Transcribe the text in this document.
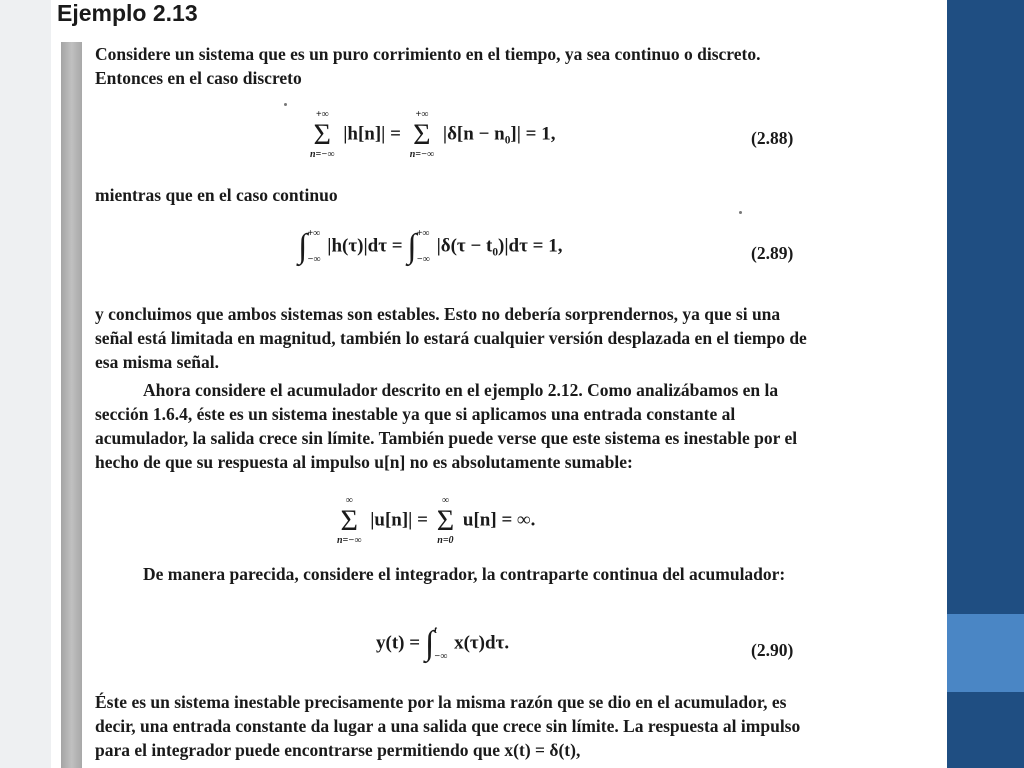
Ejemplo 2.13
Considere un sistema que es un puro corrimiento en el tiempo, ya sea continuo o discreto. Entonces en el caso discreto
+∞
Σ
n=−∞
|h[n]| =
+∞
Σ
n=−∞
|δ[n − n₀]| = 1,	(2.88)
mientras que en el caso continuo
∫ +∞
−∞
|h(τ)|dτ = ∫ +∞
−∞
|δ(τ − t₀)|dτ = 1,	(2.89)
y concluimos que ambos sistemas son estables. Esto no debería sorprendernos, ya que si una señal está limitada en magnitud, también lo estará cualquier versión desplazada en el tiempo de esa misma señal.
Ahora considere el acumulador descrito en el ejemplo 2.12. Como analizábamos en la sección 1.6.4, éste es un sistema inestable ya que si aplicamos una entrada constante al acumulador, la salida crece sin límite. También puede verse que este sistema es inestable por el hecho de que su respuesta al impulso u[n] no es absolutamente sumable:
∞
Σ
n=−∞
|u[n]| =
∞
Σ
n=0
u[n] = ∞.
De manera parecida, considere el integrador, la contraparte continua del acumulador:
y(t) = ∫ t
−∞
x(τ)dτ.	(2.90)
Éste es un sistema inestable precisamente por la misma razón que se dio en el acumulador, es decir, una entrada constante da lugar a una salida que crece sin límite. La respuesta al impulso para el integrador puede encontrarse permitiendo que x(t) = δ(t),
